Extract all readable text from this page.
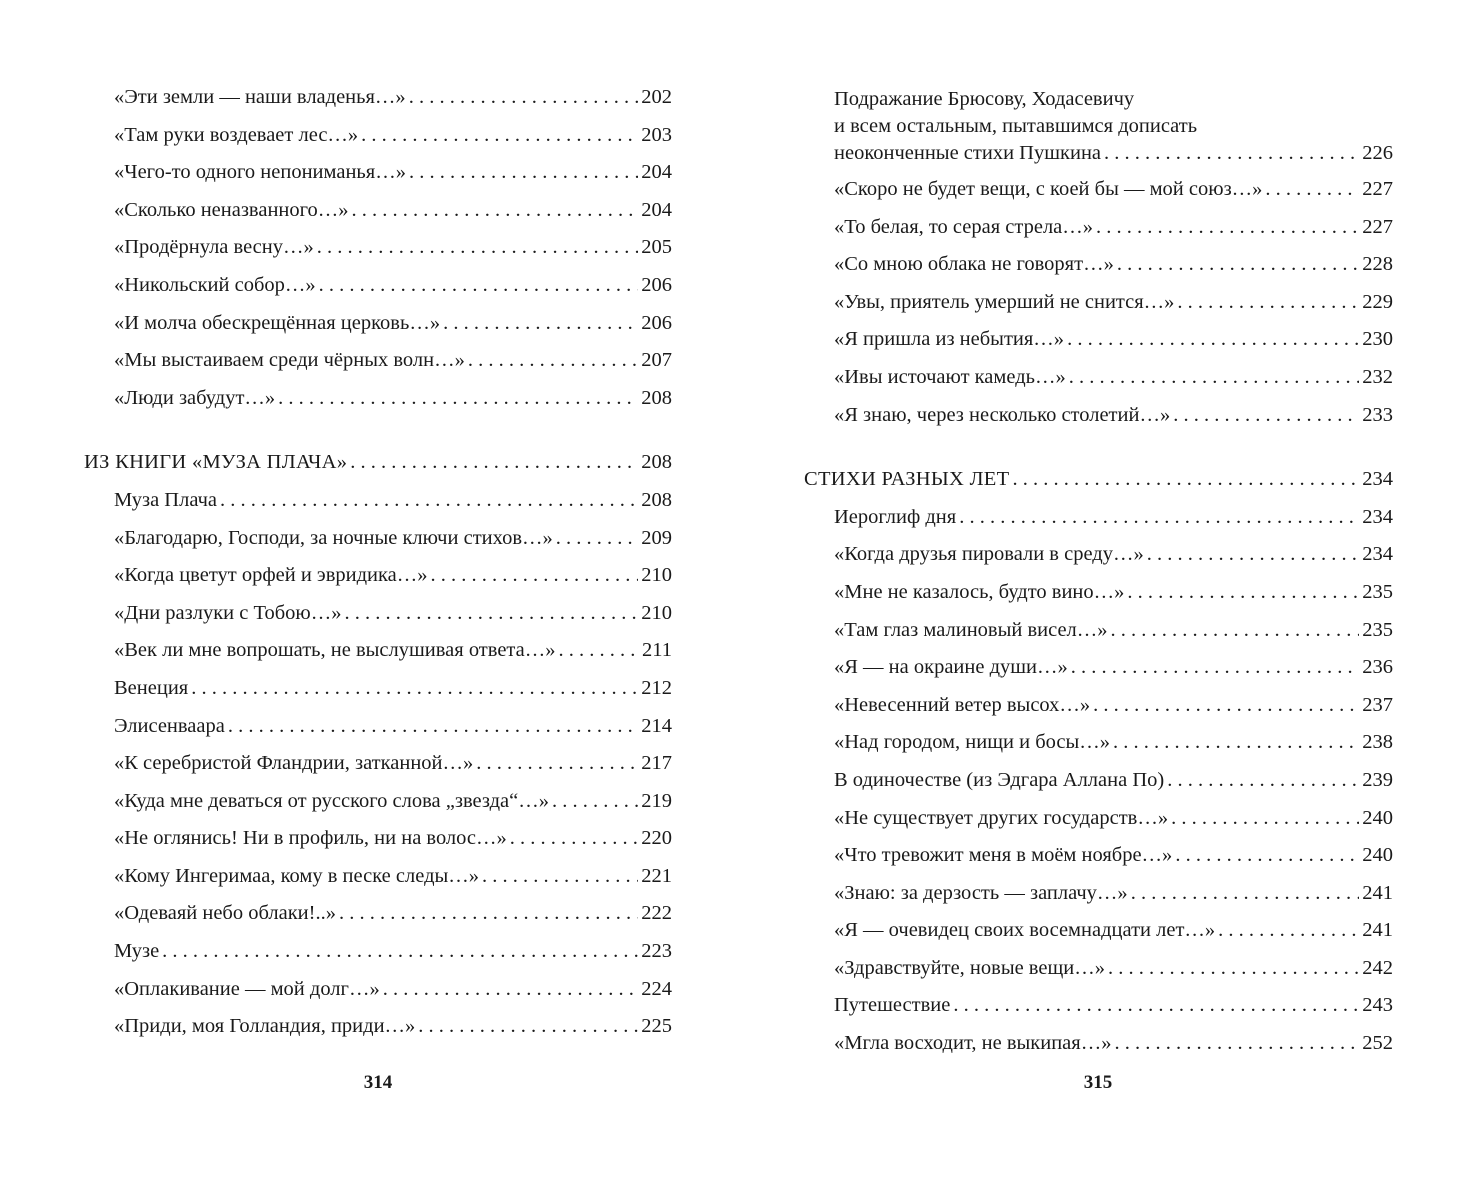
«Эти земли — наши владенья…» . . .	202
«Там руки воздевает лес…» . . .	203
«Чего-то одного непониманья…» . . .	204
«Сколько неназванного…» . . .	204
«Продёрнула весну…» . . .	205
«Никольский собор…» . . .	206
«И молча обескрещённая церковь…» . . .	206
«Мы выстаиваем среди чёрных волн…» . . .	207
«Люди забудут…» . . .	208
ИЗ КНИГИ «МУЗА ПЛАЧА» . . .	208
Муза Плача . . .	208
«Благодарю, Господи, за ночные ключи стихов…» . . .	209
«Когда цветут орфей и эвридика…» . . .	210
«Дни разлуки с Тобою…» . . .	210
«Век ли мне вопрошать, не выслушивая ответа…» . . .	211
Венеция . . .	212
Элисенваара . . .	214
«К серебристой Фландрии, затканной…» . . .	217
«Куда мне деваться от русского слова „звезда“…» . . .	219
«Не оглянись! Ни в профиль, ни на волос…» . . .	220
«Кому Ингеримаа, кому в песке следы…» . . .	221
«Одеваяй небо облаки!..» . . .	222
Музе . . .	223
«Оплакивание — мой долг…» . . .	224
«Приди, моя Голландия, приди…» . . .	225
314
Подражание Брюсову, Ходасевичу
и всем остальным, пытавшимся дописать
неоконченные стихи Пушкина . . .	226
«Скоро не будет вещи, с коей бы — мой союз…» . . .	227
«То белая, то серая стрела…» . . .	227
«Со мною облака не говорят…» . . .	228
«Увы, приятель умерший не снится…» . . .	229
«Я пришла из небытия…» . . .	230
«Ивы источают камедь…» . . .	232
«Я знаю, через несколько столетий…» . . .	233
СТИХИ РАЗНЫХ ЛЕТ . . .	234
Иероглиф дня . . .	234
«Когда друзья пировали в среду…» . . .	234
«Мне не казалось, будто вино…» . . .	235
«Там глаз малиновый висел…» . . .	235
«Я — на окраине души…» . . .	236
«Невесенний ветер высох…» . . .	237
«Над городом, нищи и босы…» . . .	238
В одиночестве (из Эдгара Аллана По) . . .	239
«Не существует других государств…» . . .	240
«Что тревожит меня в моём ноябре…» . . .	240
«Знаю: за дерзость — заплачу…» . . .	241
«Я — очевидец своих восемнадцати лет…» . . .	241
«Здравствуйте, новые вещи…» . . .	242
Путешествие . . .	243
«Мгла восходит, не выкипая…» . . .	252
315
